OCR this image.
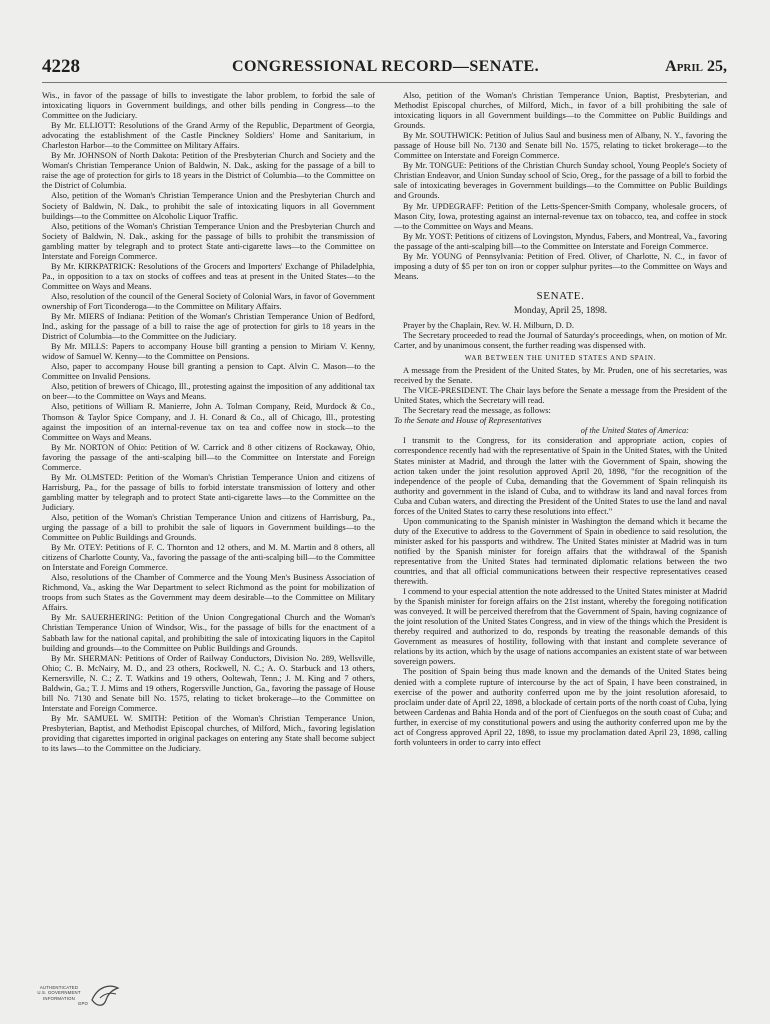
4228	CONGRESSIONAL RECORD—SENATE.	April 25,

Wis., in favor of the passage of bills to investigate the labor problem, to forbid the sale of intoxicating liquors in Government buildings, and other bills pending in Congress—to the Committee on the Judiciary.

By Mr. ELLIOTT: Resolutions of the Grand Army of the Republic, Department of Georgia, advocating the establishment of the Castle Pinckney Soldiers' Home and Sanitarium, in Charleston Harbor—to the Committee on Military Affairs.

By Mr. JOHNSON of North Dakota: Petition of the Presbyterian Church and Society and the Woman's Christian Temperance Union of Baldwin, N. Dak., asking for the passage of a bill to raise the age of protection for girls to 18 years in the District of Columbia—to the Committee on the District of Columbia.

Also, petition of the Woman's Christian Temperance Union and the Presbyterian Church and Society of Baldwin, N. Dak., to prohibit the sale of intoxicating liquors in all Government buildings—to the Committee on Alcoholic Liquor Traffic.

Also, petitions of the Woman's Christian Temperance Union and the Presbyterian Church and Society of Baldwin, N. Dak., asking for the passage of bills to prohibit the transmission of gambling matter by telegraph and to protect State anti-cigarette laws—to the Committee on Interstate and Foreign Commerce.

By Mr. KIRKPATRICK: Resolutions of the Grocers and Importers' Exchange of Philadelphia, Pa., in opposition to a tax on stocks of coffees and teas at present in the United States—to the Committee on Ways and Means.

Also, resolution of the council of the General Society of Colonial Wars, in favor of Government ownership of Fort Ticonderoga—to the Committee on Military Affairs.

By Mr. MIERS of Indiana: Petition of the Woman's Christian Temperance Union of Bedford, Ind., asking for the passage of a bill to raise the age of protection for girls to 18 years in the District of Columbia—to the Committee on the Judiciary.

By Mr. MILLS: Papers to accompany House bill granting a pension to Miriam V. Kenny, widow of Samuel W. Kenny—to the Committee on Pensions.

Also, paper to accompany House bill granting a pension to Capt. Alvin C. Mason—to the Committee on Invalid Pensions.

Also, petition of brewers of Chicago, Ill., protesting against the imposition of any additional tax on beer—to the Committee on Ways and Means.

Also, petitions of William R. Manierre, John A. Tolman Company, Reid, Murdock & Co., Thomson & Taylor Spice Company, and J. H. Conard & Co., all of Chicago, Ill., protesting against the imposition of an internal-revenue tax on tea and coffee now in stock—to the Committee on Ways and Means.

By Mr. NORTON of Ohio: Petition of W. Carrick and 8 other citizens of Rockaway, Ohio, favoring the passage of the anti-scalping bill—to the Committee on Interstate and Foreign Commerce.

By Mr. OLMSTED: Petition of the Woman's Christian Temperance Union and citizens of Harrisburg, Pa., for the passage of bills to forbid interstate transmission of lottery and other gambling matter by telegraph and to protect State anti-cigarette laws—to the Committee on the Judiciary.

Also, petition of the Woman's Christian Temperance Union and citizens of Harrisburg, Pa., urging the passage of a bill to prohibit the sale of liquors in Government buildings—to the Committee on Public Buildings and Grounds.

By Mr. OTEY: Petitions of F. C. Thornton and 12 others, and M. M. Martin and 8 others, all citizens of Charlotte County, Va., favoring the passage of the anti-scalping bill—to the Committee on Interstate and Foreign Commerce.

Also, resolutions of the Chamber of Commerce and the Young Men's Business Association of Richmond, Va., asking the War Department to select Richmond as the point for mobilization of troops from such States as the Government may deem desirable—to the Committee on Military Affairs.

By Mr. SAUERHERING: Petition of the Union Congregational Church and the Woman's Christian Temperance Union of Windsor, Wis., for the passage of bills for the enactment of a Sabbath law for the national capital, and prohibiting the sale of intoxicating liquors in the Capitol building and grounds—to the Committee on Public Buildings and Grounds.

By Mr. SHERMAN: Petitions of Order of Railway Conductors, Division No. 289, Wellsville, Ohio; C. B. McNairy, M. D., and 23 others, Rockwell, N. C.; A. O. Starbuck and 13 others, Kernersville, N. C.; Z. T. Watkins and 19 others, Ooltewah, Tenn.; J. M. King and 7 others, Baldwin, Ga.; T. J. Mims and 19 others, Rogersville Junction, Ga., favoring the passage of House bill No. 7130 and Senate bill No. 1575, relating to ticket brokerage—to the Committee on Interstate and Foreign Commerce.

By Mr. SAMUEL W. SMITH: Petition of the Woman's Christian Temperance Union, Presbyterian, Baptist, and Methodist Episcopal churches, of Milford, Mich., favoring legislation providing that cigarettes imported in original packages on entering any State shall become subject to its laws—to the Committee on the Judiciary.

Also, petition of the Woman's Christian Temperance Union, Baptist, Presbyterian, and Methodist Episcopal churches, of Milford, Mich., in favor of a bill prohibiting the sale of intoxicating liquors in all Government buildings—to the Committee on Public Buildings and Grounds.

By Mr. SOUTHWICK: Petition of Julius Saul and business men of Albany, N. Y., favoring the passage of House bill No. 7130 and Senate bill No. 1575, relating to ticket brokerage—to the Committee on Interstate and Foreign Commerce.

By Mr. TONGUE: Petitions of the Christian Church Sunday school, Young People's Society of Christian Endeavor, and Union Sunday school of Scio, Oreg., for the passage of a bill to forbid the sale of intoxicating beverages in Government buildings—to the Committee on Public Buildings and Grounds.

By Mr. UPDEGRAFF: Petition of the Letts-Spencer-Smith Company, wholesale grocers, of Mason City, Iowa, protesting against an internal-revenue tax on tobacco, tea, and coffee in stock—to the Committee on Ways and Means.

By Mr. YOST: Petitions of citizens of Lovingston, Myndus, Fabers, and Montreal, Va., favoring the passage of the anti-scalping bill—to the Committee on Interstate and Foreign Commerce.

By Mr. YOUNG of Pennsylvania: Petition of Fred. Oliver, of Charlotte, N. C., in favor of imposing a duty of $5 per ton on iron or copper sulphur pyrites—to the Committee on Ways and Means.

SENATE.

Monday, April 25, 1898.

Prayer by the Chaplain, Rev. W. H. Milburn, D. D.

The Secretary proceeded to read the Journal of Saturday's proceedings, when, on motion of Mr. Carter, and by unanimous consent, the further reading was dispensed with.

WAR BETWEEN THE UNITED STATES AND SPAIN.

A message from the President of the United States, by Mr. Pruden, one of his secretaries, was received by the Senate.

The VICE-PRESIDENT. The Chair lays before the Senate a message from the President of the United States, which the Secretary will read.

The Secretary read the message, as follows:

To the Senate and House of Representatives

of the United States of America:

I transmit to the Congress, for its consideration and appropriate action, copies of correspondence recently had with the representative of Spain in the United States, with the United States minister at Madrid, and through the latter with the Government of Spain, showing the action taken under the joint resolution approved April 20, 1898, "for the recognition of the independence of the people of Cuba, demanding that the Government of Spain relinquish its authority and government in the island of Cuba, and to withdraw its land and naval forces from Cuba and Cuban waters, and directing the President of the United States to use the land and naval forces of the United States to carry these resolutions into effect."

Upon communicating to the Spanish minister in Washington the demand which it became the duty of the Executive to address to the Government of Spain in obedience to said resolution, the minister asked for his passports and withdrew. The United States minister at Madrid was in turn notified by the Spanish minister for foreign affairs that the withdrawal of the Spanish representative from the United States had terminated diplomatic relations between the two countries, and that all official communications between their respective representatives ceased therewith.

I commend to your especial attention the note addressed to the United States minister at Madrid by the Spanish minister for foreign affairs on the 21st instant, whereby the foregoing notification was conveyed. It will be perceived therefrom that the Government of Spain, having cognizance of the joint resolution of the United States Congress, and in view of the things which the President is thereby required and authorized to do, responds by treating the reasonable demands of this Government as measures of hostility, following with that instant and complete severance of relations by its action, which by the usage of nations accompanies an existent state of war between sovereign powers.

The position of Spain being thus made known and the demands of the United States being denied with a complete rupture of intercourse by the act of Spain, I have been constrained, in exercise of the power and authority conferred upon me by the joint resolution aforesaid, to proclaim under date of April 22, 1898, a blockade of certain ports of the north coast of Cuba, lying between Cardenas and Bahia Honda and of the port of Cienfuegos on the south coast of Cuba; and further, in exercise of my constitutional powers and using the authority conferred upon me by the act of Congress approved April 22, 1898, to issue my proclamation dated April 23, 1898, calling forth volunteers in order to carry into effect

AUTHENTICATED
U.S. GOVERNMENT
INFORMATION
GPO
